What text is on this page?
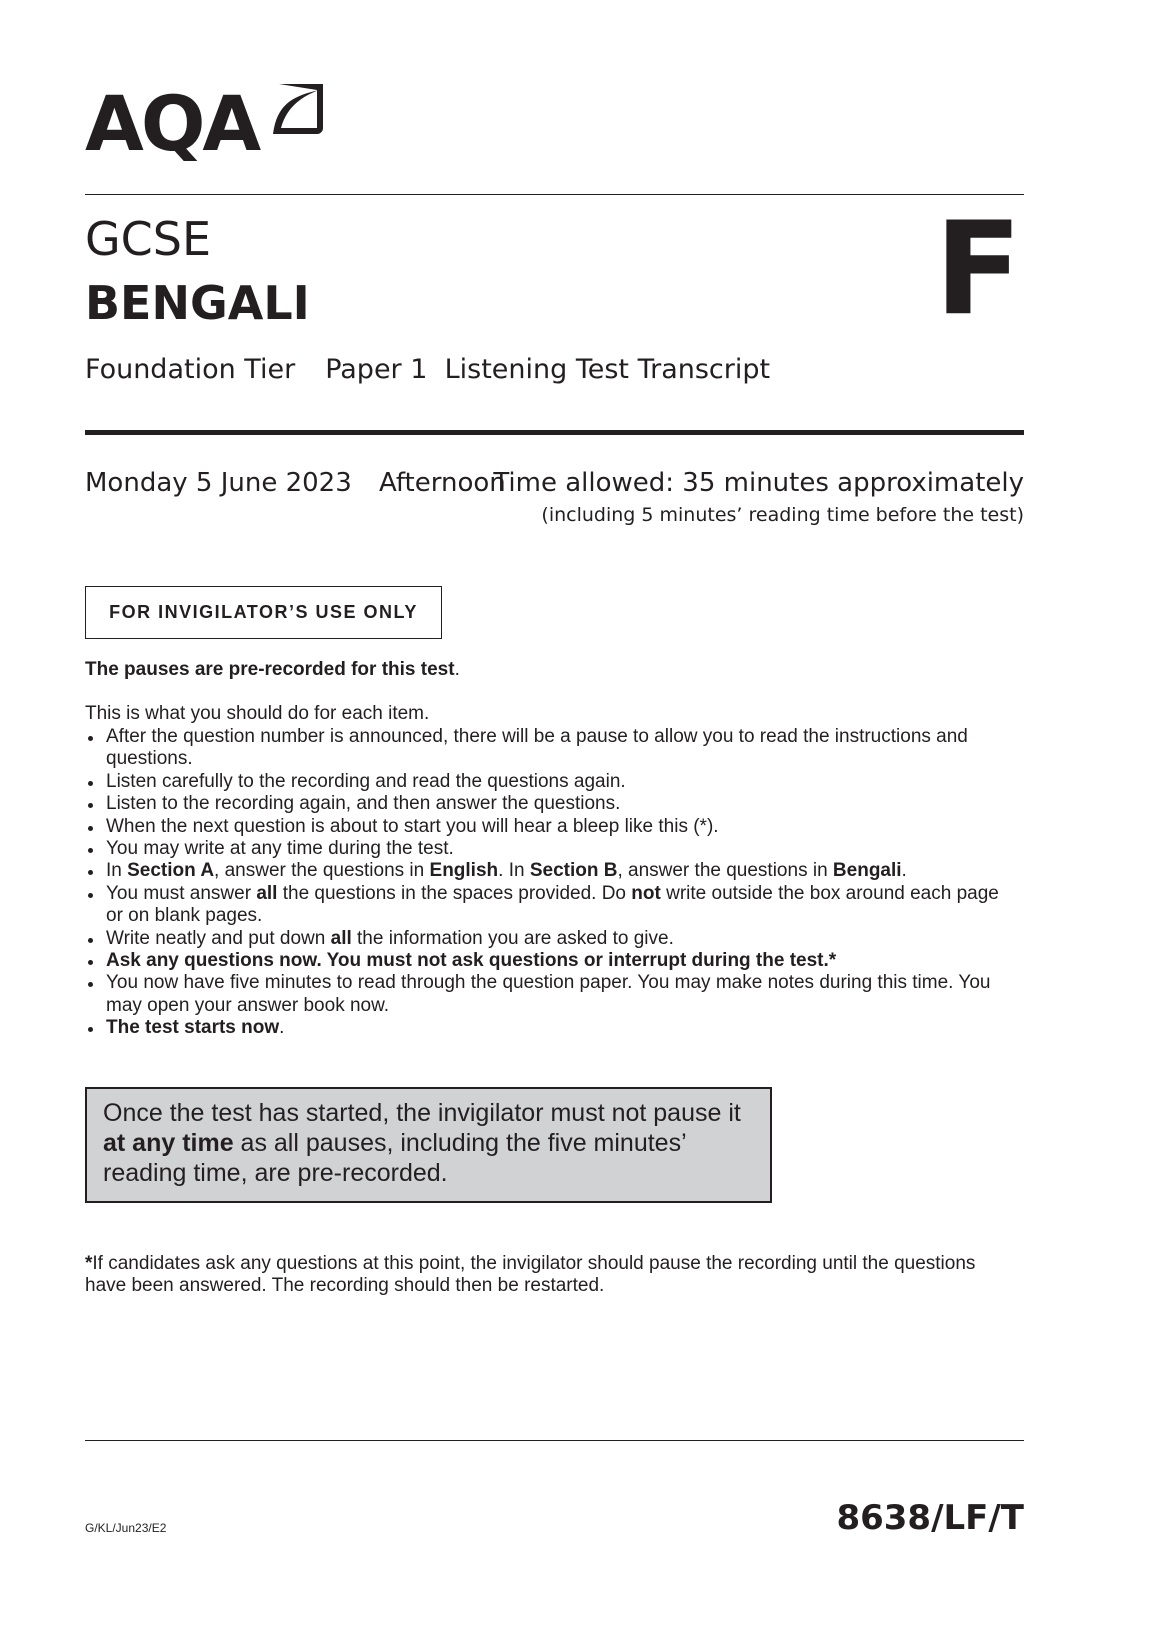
AQA
GCSE
BENGALI	F
Foundation Tier Paper 1  Listening Test Transcript
Monday 5 June 2023 Afternoon
Time allowed: 35 minutes approximately
(including 5 minutes’ reading time before the test)
FOR INVIGILATOR’S USE ONLY
The pauses are pre-recorded for this test.
This is what you should do for each item.
After the question number is announced, there will be a pause to allow you to read the instructions and questions.
Listen carefully to the recording and read the questions again.
Listen to the recording again, and then answer the questions.
When the next question is about to start you will hear a bleep like this (*).
You may write at any time during the test.
In Section A, answer the questions in English. In Section B, answer the questions in Bengali.
You must answer all the questions in the spaces provided. Do not write outside the box around each page or on blank pages.
Write neatly and put down all the information you are asked to give.
Ask any questions now. You must not ask questions or interrupt during the test.*
You now have five minutes to read through the question paper. You may make notes during this time. You may open your answer book now.
The test starts now.
Once the test has started, the invigilator must not pause it at any time as all pauses, including the five minutes’ reading time, are pre-recorded.
*If candidates ask any questions at this point, the invigilator should pause the recording until the questions have been answered. The recording should then be restarted.
G/KL/Jun23/E2	8638/LF/T
